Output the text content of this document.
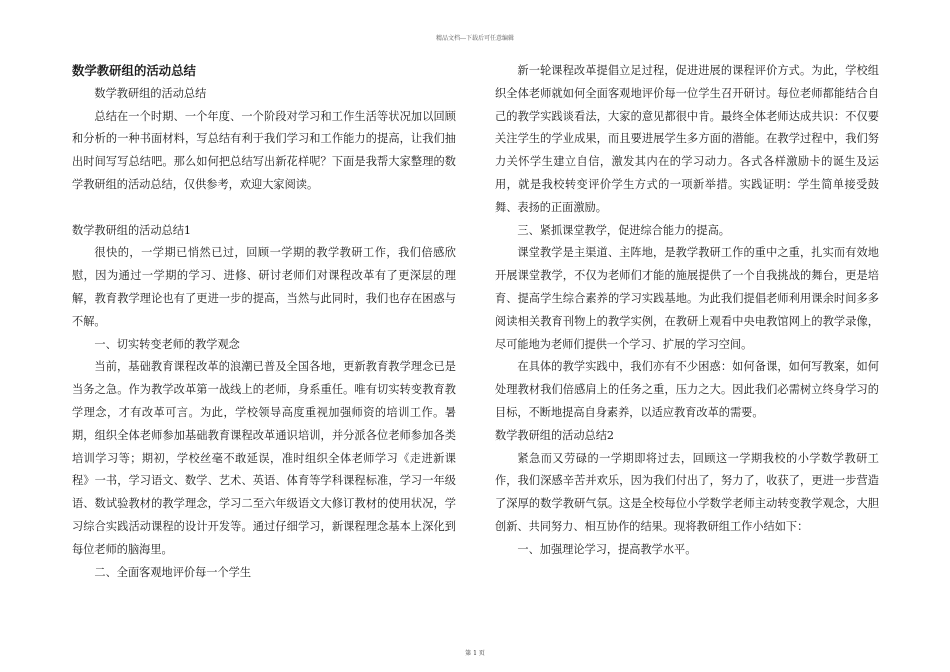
精品文档---下载后可任意编辑

数学教研组的活动总结

数学教研组的活动总结

总结在一个时期、一个年度、一个阶段对学习和工作生活等状况加以回顾和分析的一种书面材料，写总结有利于我们学习和工作能力的提高，让我们抽出时间写写总结吧。那么如何把总结写出新花样呢？下面是我帮大家整理的数学教研组的活动总结，仅供参考，欢迎大家阅读。

数学教研组的活动总结1

很快的，一学期已悄然已过，回顾一学期的教学教研工作，我们倍感欣慰，因为通过一学期的学习、进修、研讨老师们对课程改革有了更深层的理解，教育教学理论也有了更进一步的提高，当然与此同时，我们也存在困惑与不解。

一、切实转变老师的教学观念

当前，基础教育课程改革的浪潮已普及全国各地，更新教育教学理念已是当务之急。作为教学改革第一战线上的老师，身系重任。唯有切实转变教育教学理念，才有改革可言。为此，学校领导高度重视加强师资的培训工作。暑期，组织全体老师参加基础教育课程改革通识培训，并分派各位老师参加各类培训学习等；期初，学校丝毫不敢延误，准时组织全体老师学习《走进新课程》一书，学习语文、数学、艺术、英语、体育等学科课程标准，学习一年级语、数试验教材的教学理念，学习二至六年级语文大修订教材的使用状况，学习综合实践活动课程的设计开发等。通过仔细学习，新课程理念基本上深化到每位老师的脑海里。

二、全面客观地评价每一个学生

新一轮课程改革提倡立足过程，促进进展的课程评价方式。为此，学校组织全体老师就如何全面客观地评价每一位学生召开研讨。每位老师都能结合自己的教学实践谈看法，大家的意见都很中肯。最终全体老师达成共识：不仅要关注学生的学业成果，而且要进展学生多方面的潜能。在教学过程中，我们努力关怀学生建立自信，激发其内在的学习动力。各式各样激励卡的诞生及运用，就是我校转变评价学生方式的一项新举措。实践证明：学生简单接受鼓舞、表扬的正面激励。

三、紧抓课堂教学，促进综合能力的提高。

课堂教学是主渠道、主阵地，是教学教研工作的重中之重，扎实而有效地开展课堂教学，不仅为老师们才能的施展提供了一个自我挑战的舞台，更是培育、提高学生综合素养的学习实践基地。为此我们提倡老师利用课余时间多多阅读相关教育刊物上的教学实例，在教研上观看中央电教馆网上的教学录像，尽可能地为老师们提供一个学习、扩展的学习空间。

在具体的教学实践中，我们亦有不少困惑：如何备课，如何写教案，如何处理教材我们倍感肩上的任务之重，压力之大。因此我们必需树立终身学习的目标，不断地提高自身素养，以适应教育改革的需要。

数学教研组的活动总结2

紧急而又劳碌的一学期即将过去，回顾这一学期我校的小学数学教研工作，我们深感辛苦并欢乐，因为我们付出了，努力了，收获了，更进一步营造了深厚的数学教研气氛。这是全校每位小学数学老师主动转变教学观念，大胆创新、共同努力、相互协作的结果。现将教研组工作小结如下：

一、加强理论学习，提高教学水平。

第 1 页
